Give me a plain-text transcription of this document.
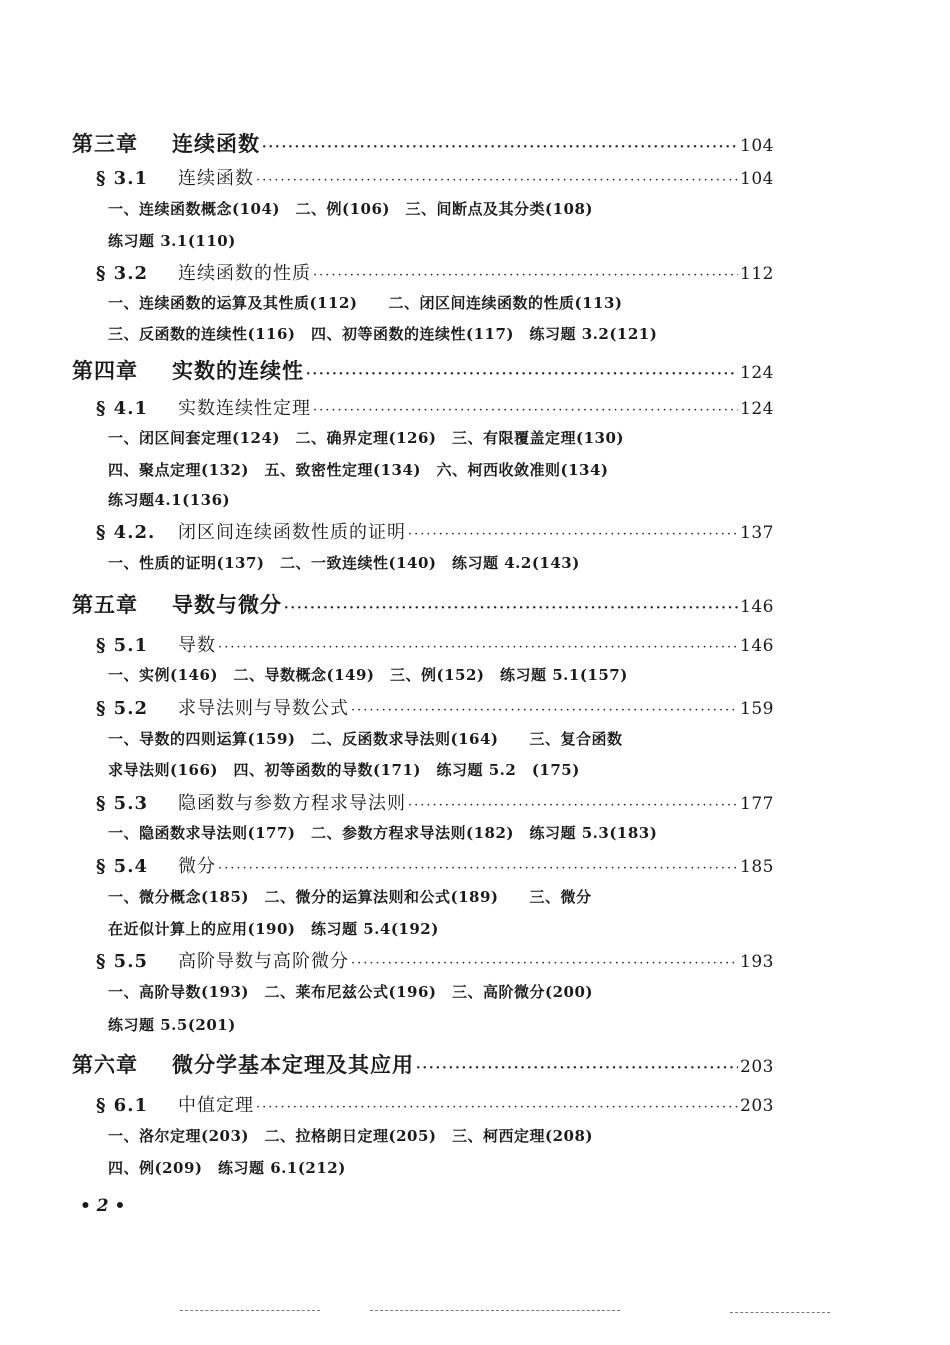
第三章	连续函数 ·····	104
§ 3.1	连续函数 ·····	104
一、连续函数概念(104)　二、例(106)　三、间断点及其分类(108)
练习题 3.1(110)
§ 3.2	连续函数的性质 ·····	112
一、连续函数的运算及其性质(112)　　二、闭区间连续函数的性质(113)
三、反函数的连续性(116)　四、初等函数的连续性(117)　练习题 3.2(121)
第四章	实数的连续性 ·····	124
§ 4.1	实数连续性定理 ·····	124
一、闭区间套定理(124)　二、确界定理(126)　三、有限覆盖定理(130)
四、聚点定理(132)　五、致密性定理(134)　六、柯西收敛准则(134)
练习题4.1(136)
§ 4.2.	闭区间连续函数性质的证明 ·····	137
一、性质的证明(137)　二、一致连续性(140)　练习题 4.2(143)
第五章	导数与微分 ·····	146
§ 5.1	导数 ·····	146
一、实例(146)　二、导数概念(149)　三、例(152)　练习题 5.1(157)
§ 5.2	求导法则与导数公式 ·····	159
一、导数的四则运算(159)　二、反函数求导法则(164)　　三、复合函数
求导法则(166)　四、初等函数的导数(171)　练习题 5.2　(175)
§ 5.3	隐函数与参数方程求导法则 ·····	177
一、隐函数求导法则(177)　二、参数方程求导法则(182)　练习题 5.3(183)
§ 5.4	微分 ·····	185
一、微分概念(185)　二、微分的运算法则和公式(189)　　三、微分
在近似计算上的应用(190)　练习题 5.4(192)
§ 5.5	高阶导数与高阶微分 ·····	193
一、高阶导数(193)　二、莱布尼兹公式(196)　三、高阶微分(200)
练习题 5.5(201)
第六章	微分学基本定理及其应用 ·····	203
§ 6.1	中值定理 ·····	203
一、洛尔定理(203)　二、拉格朗日定理(205)　三、柯西定理(208)
四、例(209)　练习题 6.1(212)
• 2 •
